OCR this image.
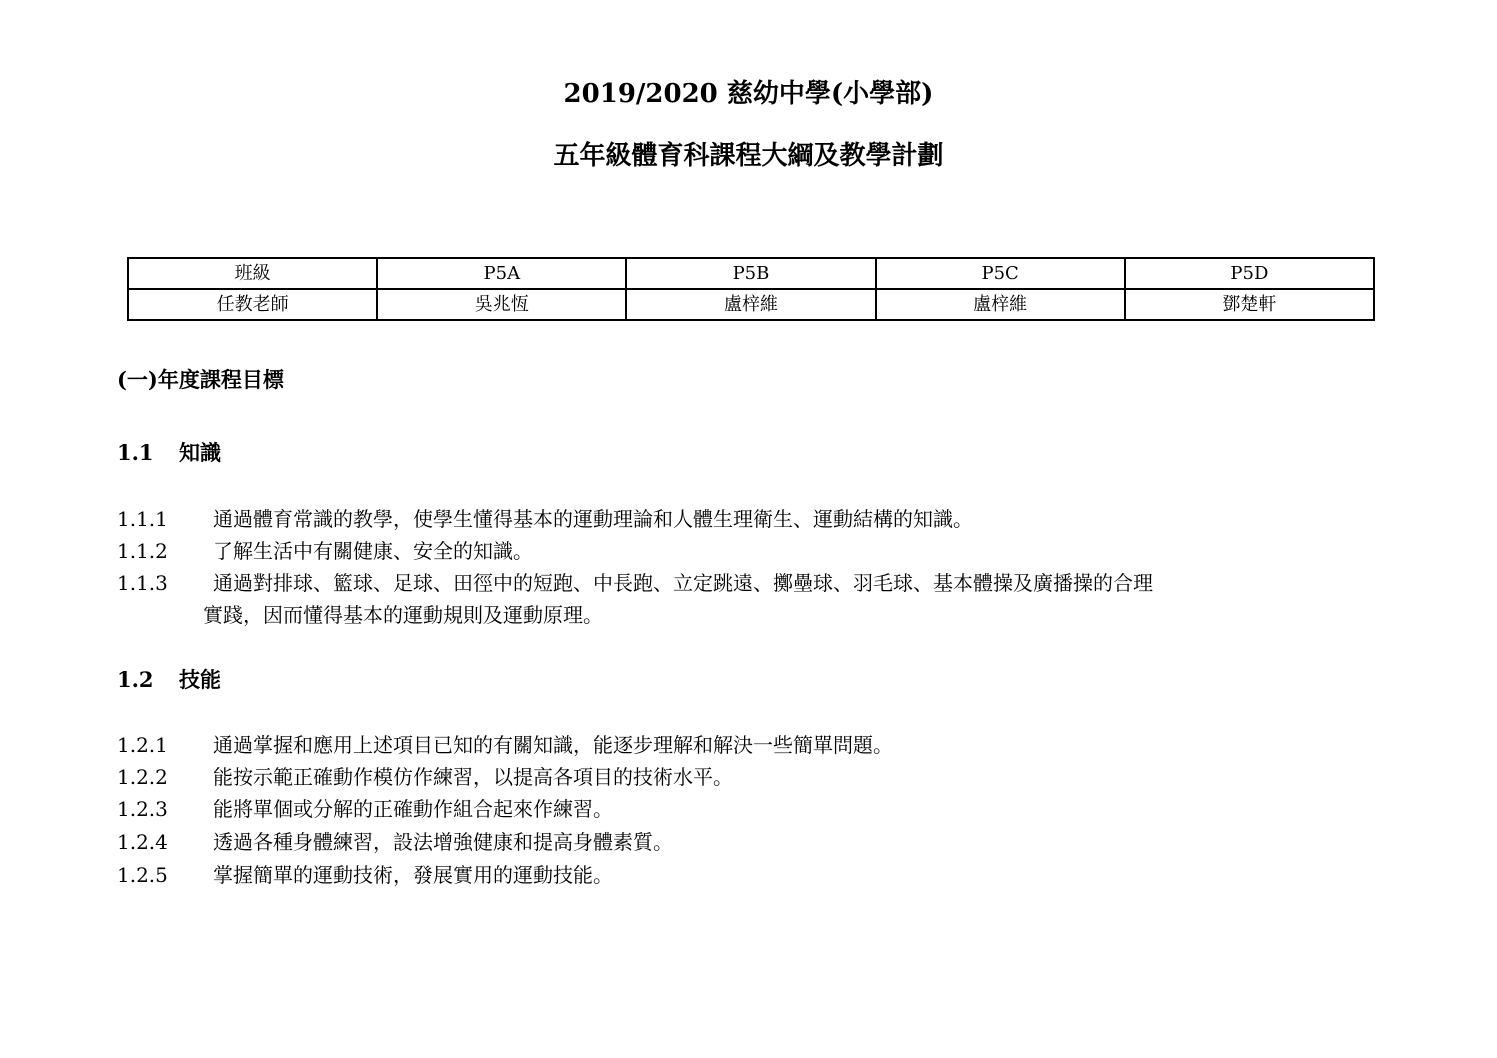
2019/2020 慈幼中學(小學部)
五年級體育科課程大綱及教學計劃
班級	P5A	P5B	P5C	P5D
任教老師	吳兆恆	盧梓維	盧梓維	鄧楚軒
(一)年度課程目標
1.1 知識
1.1.1 通過體育常識的教學，使學生懂得基本的運動理論和人體生理衛生、運動結構的知識。
1.1.2 了解生活中有關健康、安全的知識。
1.1.3 通過對排球、籃球、足球、田徑中的短跑、中長跑、立定跳遠、擲壘球、羽毛球、基本體操及廣播操的合理
實踐，因而懂得基本的運動規則及運動原理。
1.2 技能
1.2.1 通過掌握和應用上述項目已知的有關知識，能逐步理解和解決一些簡單問題。
1.2.2 能按示範正確動作模仿作練習，以提高各項目的技術水平。
1.2.3 能將單個或分解的正確動作組合起來作練習。
1.2.4 透過各種身體練習，設法增強健康和提高身體素質。
1.2.5 掌握簡單的運動技術，發展實用的運動技能。
